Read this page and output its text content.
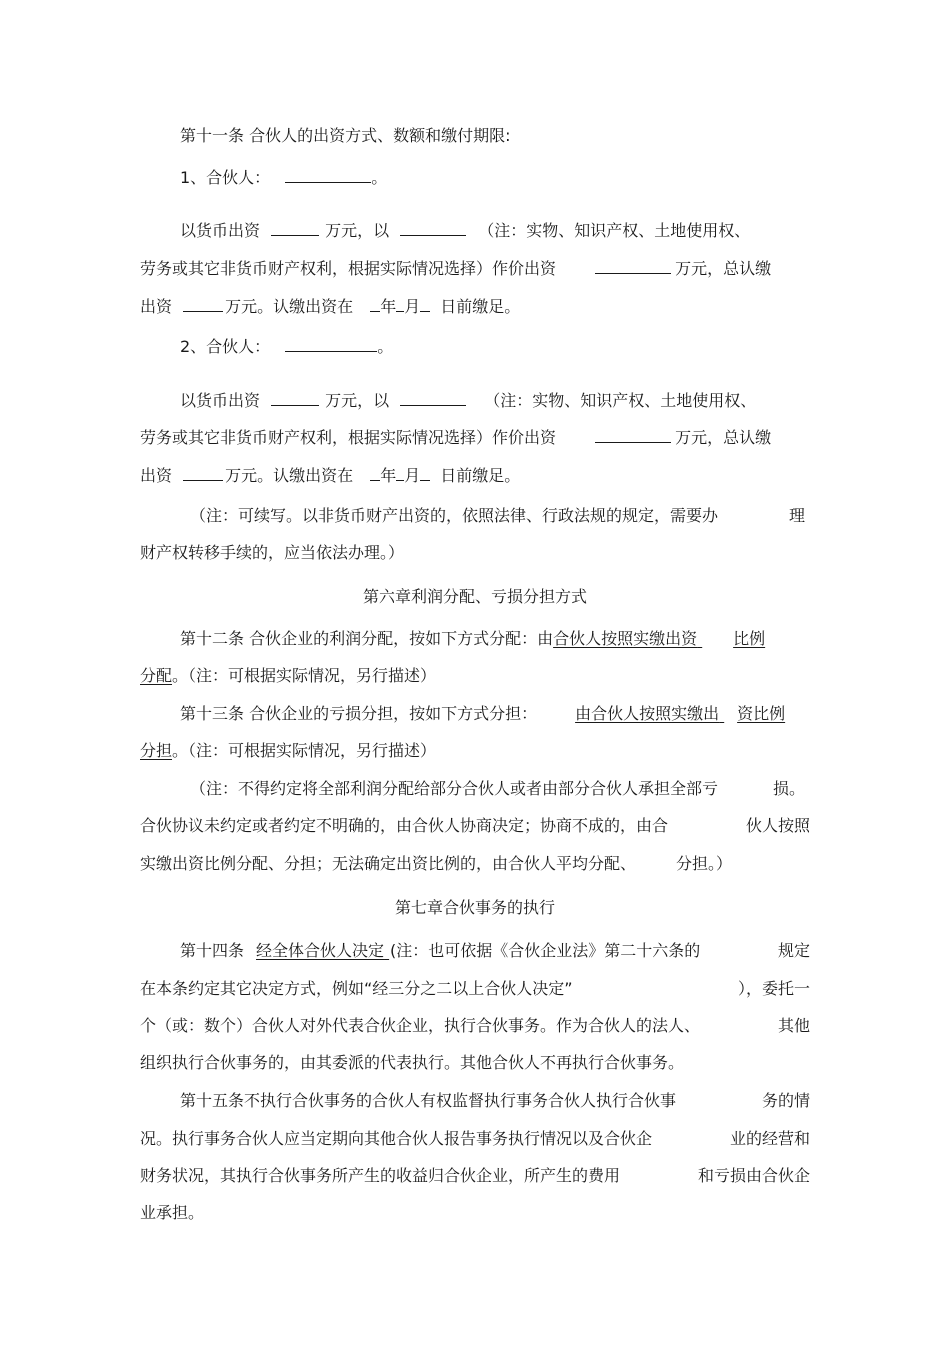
第十一条 合伙人的出资方式、数额和缴付期限:
1、合伙人：	。
以货币出资	万元，以	（注：实物、知识产权、土地使用权、
劳务或其它非货币财产权利，根据实际情况选择）作价出资	万元，总认缴
出资	万元。认缴出资在 年 月 日前缴足。
2、合伙人：	。
以货币出资	万元，以	（注：实物、知识产权、土地使用权、
劳务或其它非货币财产权利，根据实际情况选择）作价出资	万元，总认缴
出资	万元。认缴出资在 年 月 日前缴足。
（注：可续写。以非货币财产出资的，依照法律、行政法规的规定，需要办	理
财产权转移手续的，应当依法办理。）
第六章利润分配、亏损分担方式
第十二条 合伙企业的利润分配，按如下方式分配：由合伙人按照实缴出资 比例
分配。（注：可根据实际情况，另行描述）
第十三条 合伙企业的亏损分担，按如下方式分担： 由合伙人按照实缴出 资比例
分担。（注：可根据实际情况，另行描述）
（注：不得约定将全部利润分配给部分合伙人或者由部分合伙人承担全部亏	损。
合伙协议未约定或者约定不明确的，由合伙人协商决定；协商不成的，由合	伙人按照
实缴出资比例分配、分担；无法确定出资比例的，由合伙人平均分配、	分担。）
第七章合伙事务的执行
第十四条 经全体合伙人决定 (注：也可依据《合伙企业法》第二十六条的	规定
在本条约定其它决定方式，例如“经三分之二以上合伙人决定”	），委托一
个（或：数个）合伙人对外代表合伙企业，执行合伙事务。作为合伙人的法人、	其他
组织执行合伙事务的，由其委派的代表执行。其他合伙人不再执行合伙事务。
第十五条不执行合伙事务的合伙人有权监督执行事务合伙人执行合伙事	务的情
况。执行事务合伙人应当定期向其他合伙人报告事务执行情况以及合伙企	业的经营和
财务状况，其执行合伙事务所产生的收益归合伙企业，所产生的费用	和亏损由合伙企
业承担。
